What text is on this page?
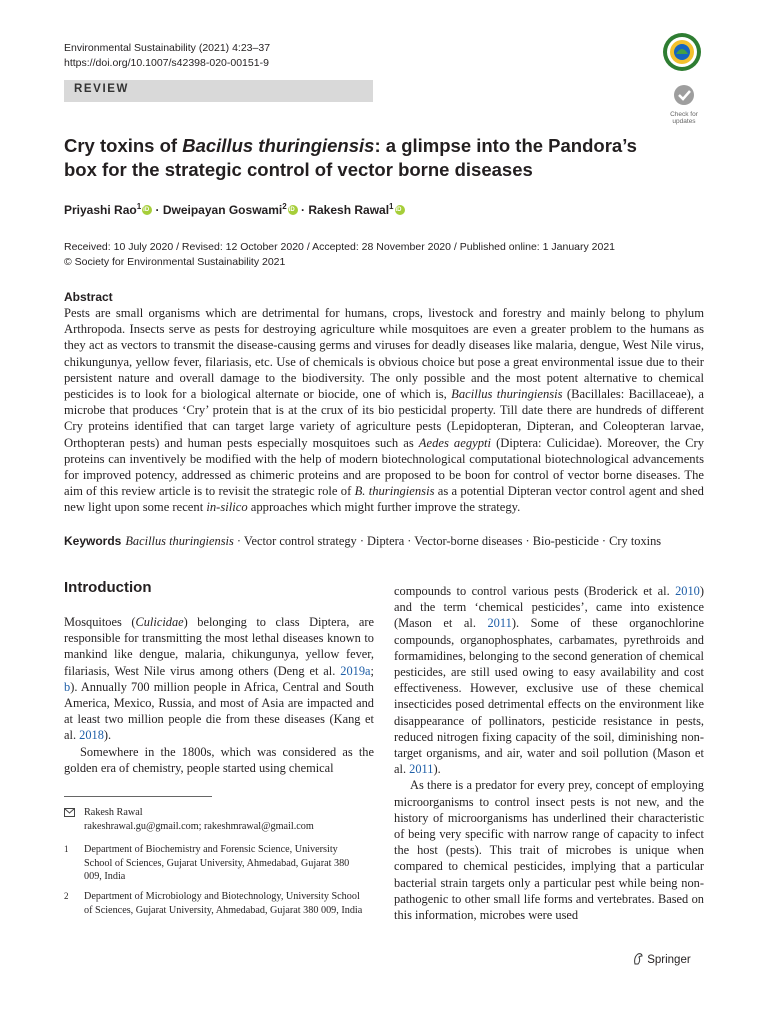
Environmental Sustainability (2021) 4:23–37
https://doi.org/10.1007/s42398-020-00151-9
REVIEW
Check for
updates
Cry toxins of Bacillus thuringiensis: a glimpse into the Pandora’s box for the strategic control of vector borne diseases
Priyashi Rao$^1$iD · Dweipayan Goswami$^2$iD · Rakesh Rawal$^1$iD
Received: 10 July 2020 / Revised: 12 October 2020 / Accepted: 28 November 2020 / Published online: 1 January 2021
© Society for Environmental Sustainability 2021
Abstract
Pests are small organisms which are detrimental for humans, crops, livestock and forestry and mainly belong to phylum Arthropoda. Insects serve as pests for destroying agriculture while mosquitoes are even a greater problem to the humans as they act as vectors to transmit the disease-causing germs and viruses for deadly diseases like malaria, dengue, West Nile virus, chikungunya, yellow fever, filariasis, etc. Use of chemicals is obvious choice but pose a great environmental issue due to their persistent nature and overall damage to the biodiversity. The only possible and the most potent alternative to chemical pesticides is to look for a biological alternate or biocide, one of which is, Bacillus thuringiensis (Bacillales: Bacillaceae), a microbe that produces ‘Cry’ protein that is at the crux of its bio pesticidal property. Till date there are hundreds of different Cry proteins identified that can target large variety of agriculture pests (Lepidopteran, Dipteran, and Coleopteran larvae, Orthopteran pests) and human pests especially mosquitoes such as Aedes aegypti (Diptera: Culicidae). Moreover, the Cry proteins can inventively be modified with the help of modern biotechnological computational biotechnological advancements for improved potency, addressed as chimeric proteins and are proposed to be boon for control of vector borne diseases. The aim of this review article is to revisit the strategic role of B. thuringiensis as a potential Dipteran vector control agent and shed new light upon some recent in-silico approaches which might further improve the strategy.
Keywords Bacillus thuringiensis · Vector control strategy · Diptera · Vector-borne diseases · Bio-pesticide · Cry toxins
Introduction

Mosquitoes (Culicidae) belonging to class Diptera, are responsible for transmitting the most lethal diseases known to mankind like dengue, malaria, chikungunya, yellow fever, filariasis, West Nile virus among others (Deng et al. 2019a; b). Annually 700 million people in Africa, Central and South America, Mexico, Russia, and most of Asia are impacted and at least two million people die from these diseases (Kang et al. 2018).

Somewhere in the 1800s, which was considered as the golden era of chemistry, people started using chemical

compounds to control various pests (Broderick et al. 2010) and the term ‘chemical pesticides’, came into existence (Mason et al. 2011). Some of these organochlorine compounds, organophosphates, carbamates, pyrethroids and formamidines, belonging to the second generation of chemical pesticides, are still used owing to easy availability and cost effectiveness. However, exclusive use of these chemical insecticides posed detrimental effects on the environment like disappearance of pollinators, pesticide resistance in pests, reduced nitrogen fixing capacity of the soil, diminishing non-target organisms, and air, water and soil pollution (Mason et al. 2011).

As there is a predator for every prey, concept of employing microorganisms to control insect pests is not new, and the history of microorganisms has underlined their characteristic of being very specific with narrow range of capacity to infect the host (pests). This trait of microbes is unique when compared to chemical pesticides, implying that a particular bacterial strain targets only a particular pest while being non-pathogenic to other small life forms and vertebrates. Based on this information, microbes were used

Rakesh Rawal
rakeshrawal.gu@gmail.com; rakeshmrawal@gmail.com
1 Department of Biochemistry and Forensic Science, University School of Sciences, Gujarat University, Ahmedabad, Gujarat 380 009, India
2 Department of Microbiology and Biotechnology, University School of Sciences, Gujarat University, Ahmedabad, Gujarat 380 009, India
Springer
